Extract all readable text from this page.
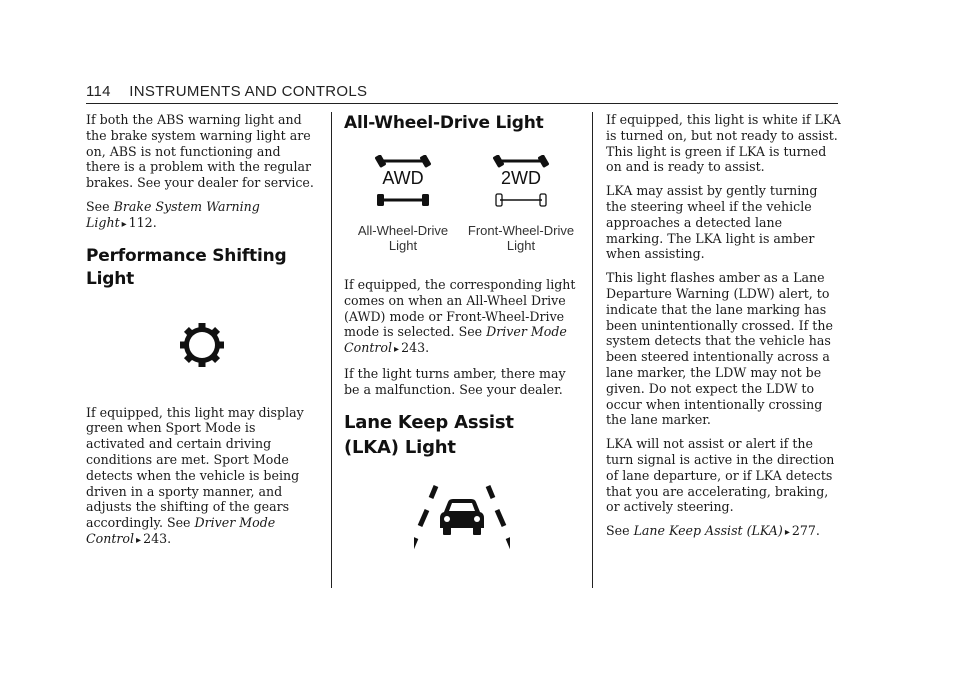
114 INSTRUMENTS AND CONTROLS

If both the ABS warning light and the brake system warning light are on, ABS is not functioning and there is a problem with the regular brakes. See your dealer for service.

See Brake System Warning Light ▸ 112.

Performance Shifting Light

If equipped, this light may display green when Sport Mode is activated and certain driving conditions are met. Sport Mode detects when the vehicle is being driven in a sporty manner, and adjusts the shifting of the gears accordingly. See Driver Mode Control ▸ 243.

All-Wheel-Drive Light
AWD
All-Wheel-Drive Light
2WD
Front-Wheel-Drive Light

If equipped, the corresponding light comes on when an All-Wheel Drive (AWD) mode or Front-Wheel-Drive mode is selected. See Driver Mode Control ▸ 243.

If the light turns amber, there may be a malfunction. See your dealer.

Lane Keep Assist (LKA) Light

If equipped, this light is white if LKA is turned on, but not ready to assist. This light is green if LKA is turned on and is ready to assist.

LKA may assist by gently turning the steering wheel if the vehicle approaches a detected lane marking. The LKA light is amber when assisting.

This light flashes amber as a Lane Departure Warning (LDW) alert, to indicate that the lane marking has been unintentionally crossed. If the system detects that the vehicle has been steered intentionally across a lane marker, the LDW may not be given. Do not expect the LDW to occur when intentionally crossing the lane marker.

LKA will not assist or alert if the turn signal is active in the direction of lane departure, or if LKA detects that you are accelerating, braking, or actively steering.

See Lane Keep Assist (LKA) ▸ 277.
